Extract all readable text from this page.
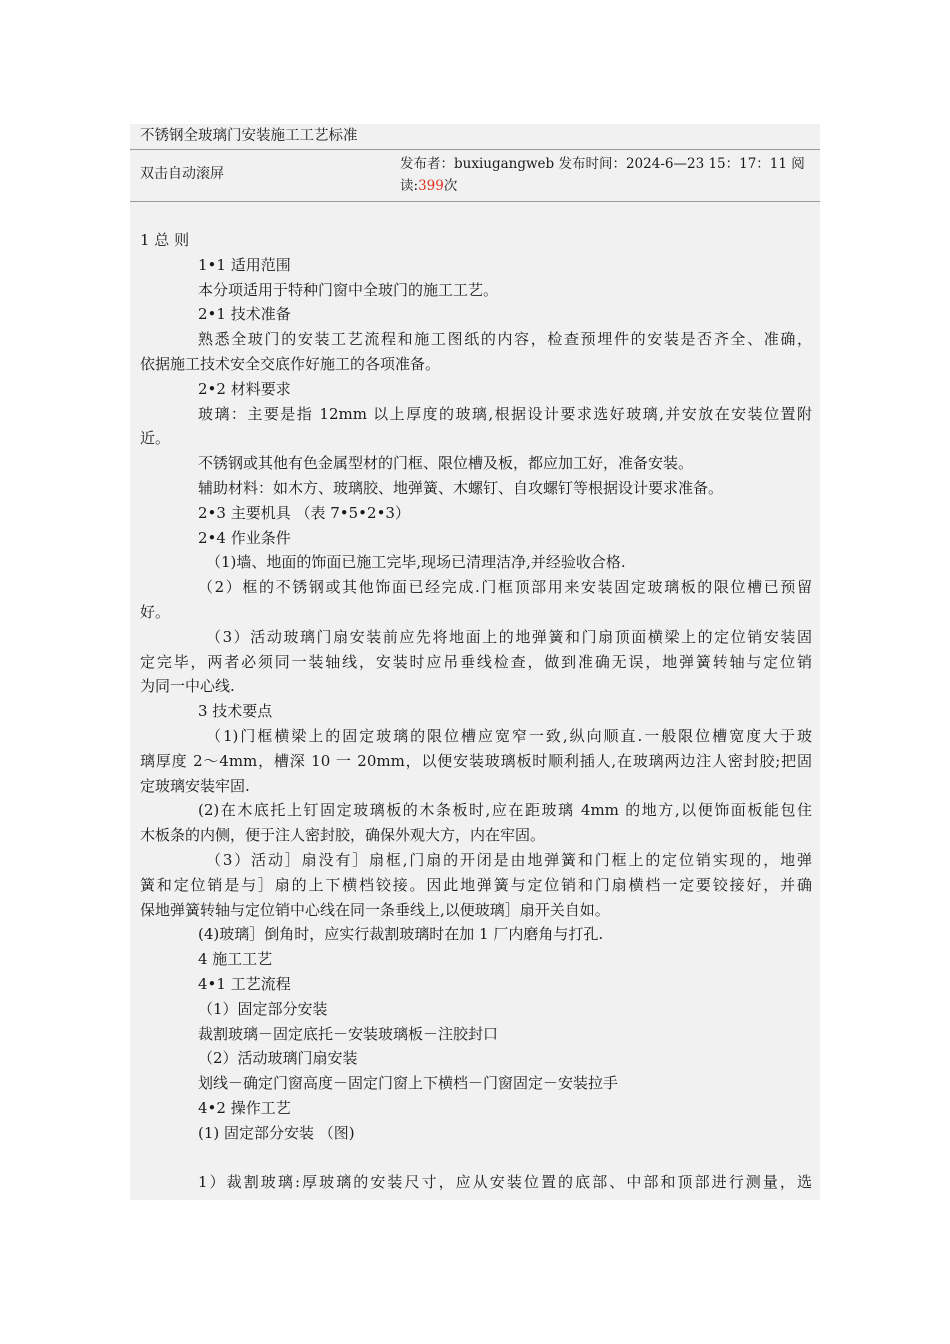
不锈钢全玻璃门安装施工工艺标准
双击自动滚屏
发布者：buxiugangweb 发布时间：2024-6—23 15：17：11 阅
读:399次
1 总 则
1•1 适用范围
本分项适用于特种门窗中全玻门的施工工艺。
2•1 技术准备
熟悉全玻门的安装工艺流程和施工图纸的内容，检查预埋件的安装是否齐全、准确，
依据施工技术安全交底作好施工的各项准备。
2•2 材料要求
玻璃：主要是指 12mm 以上厚度的玻璃,根据设计要求选好玻璃,并安放在安装位置附
近。
不锈钢或其他有色金属型材的门框、限位槽及板，都应加工好，准备安装。
辅助材料：如木方、玻璃胶、地弹簧、木螺钉、自攻螺钉等根据设计要求准备。
2•3 主要机具 （表 7•5•2•3）
2•4 作业条件
（1)墙、地面的饰面已施工完毕,现场已清理洁净,并经验收合格.
（2）框的不锈钢或其他饰面已经完成.门框顶部用来安装固定玻璃板的限位槽已预留
好。
（3）活动玻璃门扇安装前应先将地面上的地弹簧和门扇顶面横梁上的定位销安装固
定完毕，两者必须同一装轴线，安装时应吊垂线检查，做到准确无误，地弹簧转轴与定位销
为同一中心线.
3 技术要点
（1)门框横梁上的固定玻璃的限位槽应宽窄一致,纵向顺直.一般限位槽宽度大于玻
璃厚度 2～4mm，槽深 10 一 20mm，以便安装玻璃板时顺利插人,在玻璃两边注人密封胶;把固
定玻璃安装牢固.
(2)在木底托上钉固定玻璃板的木条板时,应在距玻璃 4mm 的地方,以便饰面板能包住
木板条的内侧，便于注人密封胶，确保外观大方，内在牢固。
（3）活动］扇没有］扇框,门扇的开闭是由地弹簧和门框上的定位销实现的，地弹
簧和定位销是与］扇的上下横档铰接。因此地弹簧与定位销和门扇横档一定要铰接好，并确
保地弹簧转轴与定位销中心线在同一条垂线上,以便玻璃］扇开关自如。
(4)玻璃］倒角时，应实行裁割玻璃时在加 1 厂内磨角与打孔.
4 施工工艺
4•1 工艺流程
（1）固定部分安装
裁割玻璃－固定底托－安装玻璃板－注胶封口
（2）活动玻璃门扇安装
划线－确定门窗高度－固定门窗上下横档－门窗固定－安装拉手
4•2 操作工艺
(1) 固定部分安装 （图)
1）裁割玻璃:厚玻璃的安装尺寸，应从安装位置的底部、中部和顶部进行测量，选
